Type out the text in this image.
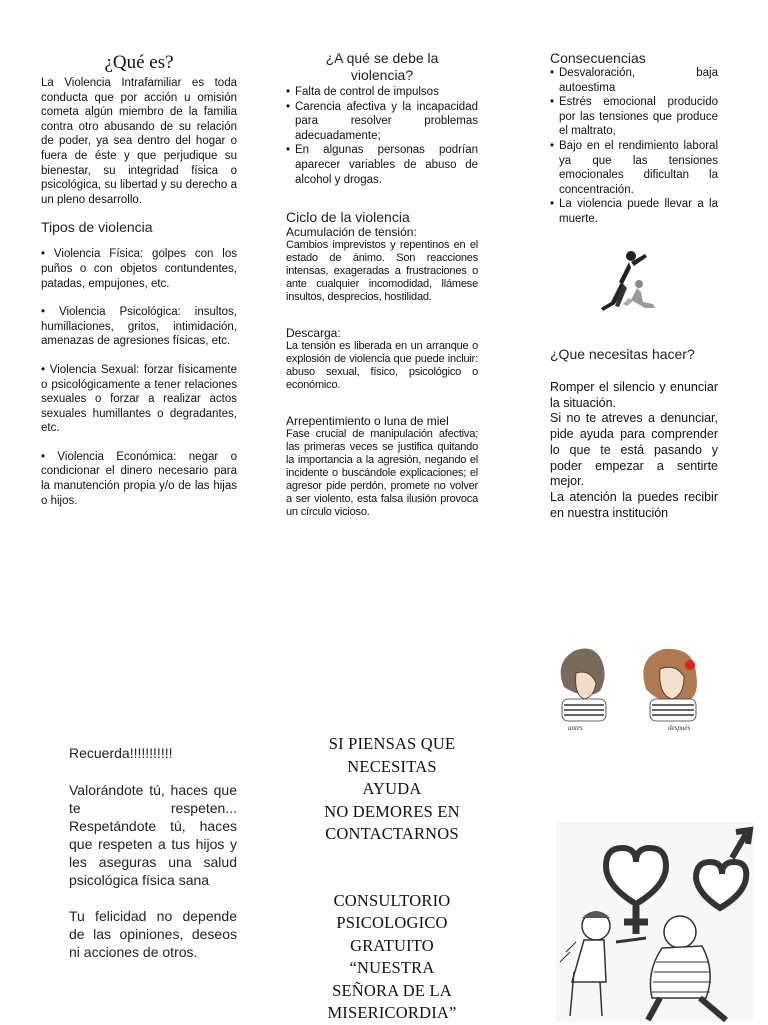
¿Qué es?

La Violencia Intrafamiliar es toda conducta que por acción u omisión cometa algún miembro de la familia contra otro abusando de su relación de poder, ya sea dentro del hogar o fuera de éste y que perjudique su bienestar, su integridad física o psicológica, su libertad y su derecho a un pleno desarrollo.

Tipos de violencia

• Violencia Física: golpes con los puños o con objetos contundentes, patadas, empujones, etc.

• Violencia Psicológica: insultos, humillaciones, gritos, intimidación, amenazas de agresiones físicas, etc.

• Violencia Sexual: forzar físicamente o psicológicamente a tener relaciones sexuales o forzar a realizar actos sexuales humillantes o degradantes, etc.

• Violencia Económica: negar o condicionar el dinero necesario para la manutención propia y/o de las hijas o hijos.

¿A qué se debe la violencia?
• Falta de control de impulsos
• Carencia afectiva y la incapacidad para resolver problemas adecuadamente;
• En algunas personas podrían aparecer variables de abuso de alcohol y drogas.
Ciclo de la violencia
Acumulación de tensión:

Cambios imprevistos y repentinos en el estado de ánimo. Son reacciones intensas, exageradas a frustraciones o ante cualquier incomodidad, llámese insultos, desprecios, hostilidad.

Descarga:

La tensión es liberada en un arranque o explosión de violencia que puede incluir: abuso sexual, físico, psicológico o económico.

Arrepentimiento o luna de miel

Fase crucial de manipulación afectiva; las primeras veces se justifica quitando la importancia a la agresión, negando el incidente o buscándole explicaciones; el agresor pide perdón, promete no volver a ser violento, esta falsa ilusión provoca un círculo vicioso.

Consecuencias
• Desvaloración, baja autoestima
• Estrés emocional producido por las tensiones que produce el maltrato,
• Bajo en el rendimiento laboral ya que las tensiones emocionales dificultan la concentración.
• La violencia puede llevar a la muerte.
¿Que necesitas hacer?

Romper el silencio y enunciar la situación.

Si no te atreves a denunciar, pide ayuda para comprender lo que te está pasando y poder empezar a sentirte mejor.

La atención la puedes recibir en nuestra institución

antes	después
Recuerda!!!!!!!!!!!

Valorándote tú, haces que te respeten... Respetándote tú, haces que respeten a tus hijos y les aseguras una salud psicológica física sana

Tu felicidad no depende de las opiniones, deseos ni acciones de otros.

SI PIENSAS QUE
NECESITAS
AYUDA
NO DEMORES EN
CONTACTARNOS
CONSULTORIO
PSICOLOGICO
GRATUITO
“NUESTRA
SEÑORA DE LA
MISERICORDIA”
